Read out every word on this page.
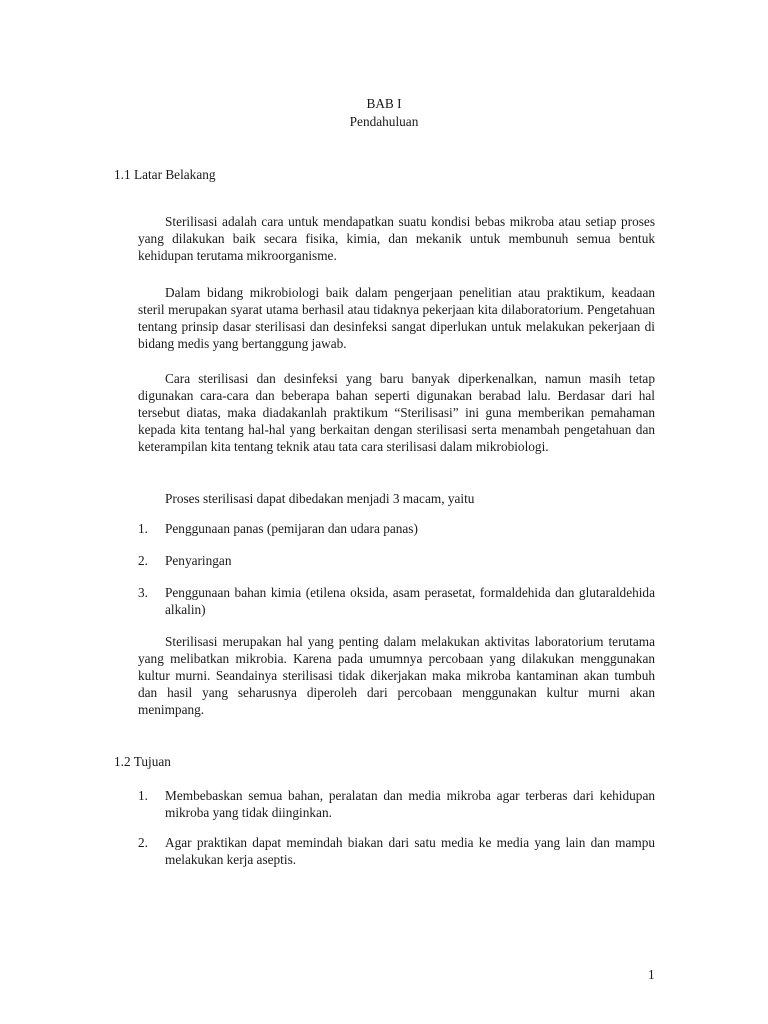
BAB I
Pendahuluan
1.1 Latar Belakang

Sterilisasi adalah cara untuk mendapatkan suatu kondisi bebas mikroba atau setiap proses yang dilakukan baik secara fisika, kimia, dan mekanik untuk membunuh semua bentuk kehidupan terutama mikroorganisme.

Dalam bidang mikrobiologi baik dalam pengerjaan penelitian atau praktikum, keadaan steril merupakan syarat utama berhasil atau tidaknya pekerjaan kita dilaboratorium. Pengetahuan tentang prinsip dasar sterilisasi dan desinfeksi sangat diperlukan untuk melakukan pekerjaan di bidang medis yang bertanggung jawab.

Cara sterilisasi dan desinfeksi yang baru banyak diperkenalkan, namun masih tetap digunakan cara-cara dan beberapa bahan seperti digunakan berabad lalu. Berdasar dari hal tersebut diatas, maka diadakanlah praktikum “Sterilisasi” ini guna memberikan pemahaman kepada kita tentang hal-hal yang berkaitan dengan sterilisasi serta menambah pengetahuan dan keterampilan kita tentang teknik atau tata cara sterilisasi dalam mikrobiologi.

Proses sterilisasi dapat dibedakan menjadi 3 macam, yaitu

1. Penggunaan panas (pemijaran dan udara panas)
2. Penyaringan
3. Penggunaan bahan kimia (etilena oksida, asam perasetat, formaldehida dan glutaraldehida alkalin)

Sterilisasi merupakan hal yang penting dalam melakukan aktivitas laboratorium terutama yang melibatkan mikrobia. Karena pada umumnya percobaan yang dilakukan menggunakan kultur murni. Seandainya sterilisasi tidak dikerjakan maka mikroba kantaminan akan tumbuh dan hasil yang seharusnya diperoleh dari percobaan menggunakan kultur murni akan menimpang.

1.2 Tujuan
1. Membebaskan semua bahan, peralatan dan media mikroba agar terberas dari kehidupan mikroba yang tidak diinginkan.
2. Agar praktikan dapat memindah biakan dari satu media ke media yang lain dan mampu melakukan kerja aseptis.
1
